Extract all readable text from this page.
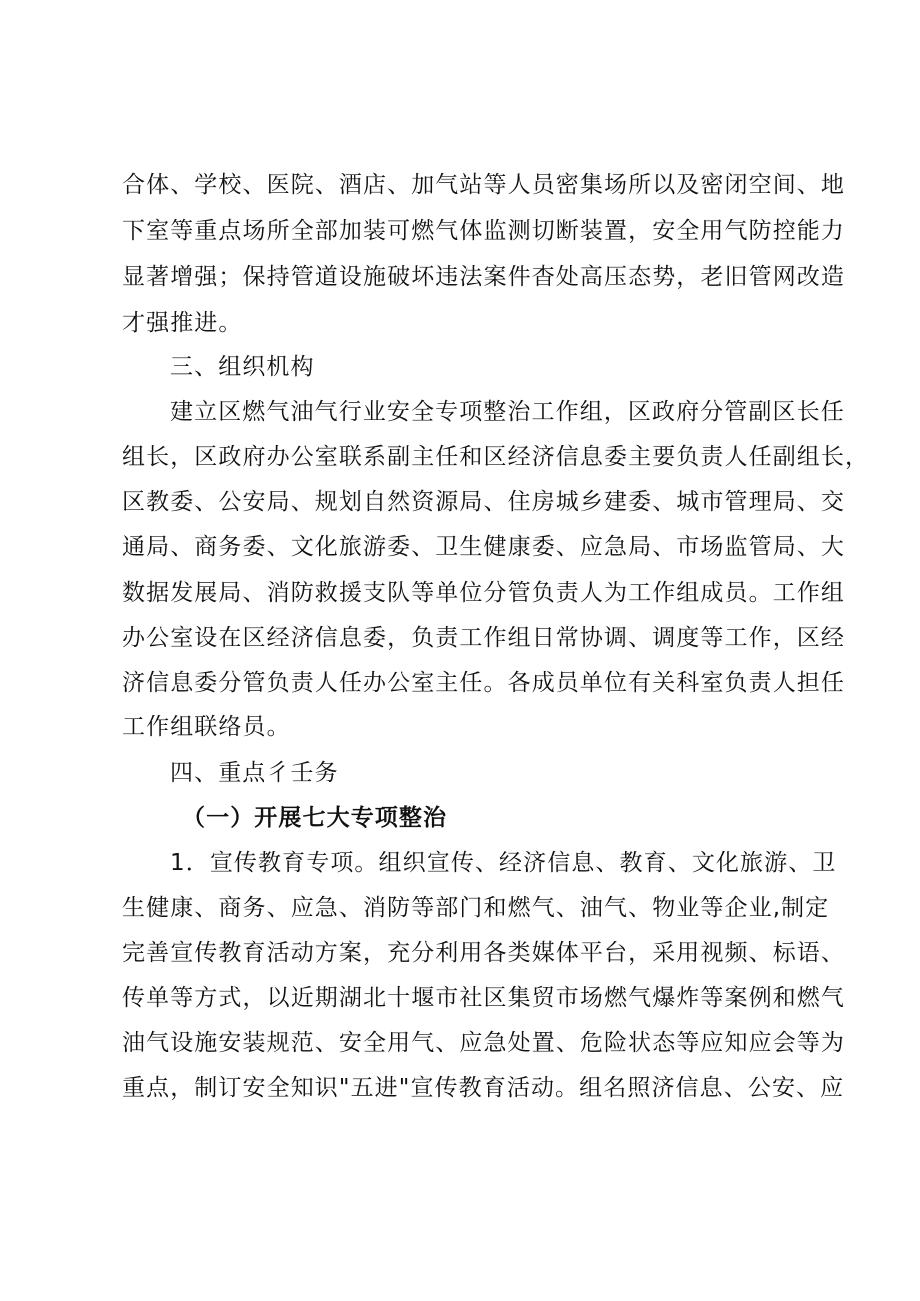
合体、学校、医院、酒店、加气站等人员密集场所以及密闭空间、地
下室等重点场所全部加装可燃气体监测切断装置，安全用气防控能力
显著增强；保持管道设施破坏违法案件杳处高压态势，老旧管网改造
才强推进。
三、组织机构
建立区燃气油气行业安全专项整治工作组，区政府分管副区长任
组长，区政府办公室联系副主任和区经济信息委主要负责人任副组长，
区教委、公安局、规划自然资源局、住房城乡建委、城市管理局、交
通局、商务委、文化旅游委、卫生健康委、应急局、市场监管局、大
数据发展局、消防救援支队等单位分管负责人为工作组成员。工作组
办公室设在区经济信息委，负责工作组日常协调、调度等工作，区经
济信息委分管负责人任办公室主任。各成员单位有关科室负责人担任
工作组联络员。
四、重点彳壬务
（一）开展七大专项整治
1．宣传教育专项。组织宣传、经济信息、教育、文化旅游、卫
生健康、商务、应急、消防等部门和燃气、油气、物业等企业,制定
完善宣传教育活动方案，充分利用各类媒体平台，采用视频、标语、
传单等方式，以近期湖北十堰市社区集贸市场燃气爆炸等案例和燃气
油气设施安装规范、安全用气、应急处置、危险状态等应知应会等为
重点，制订安全知识"五进"宣传教育活动。组名照济信息、公安、应
